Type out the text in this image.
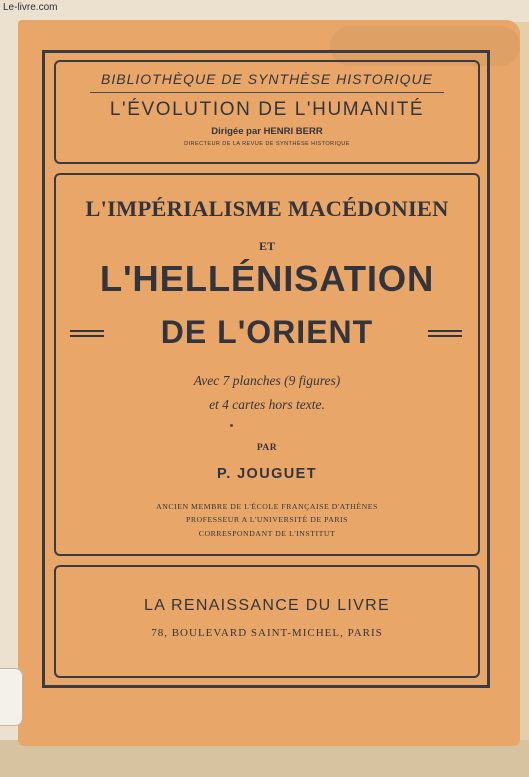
Le-livre.com
BIBLIOTHÈQUE DE SYNTHÈSE HISTORIQUE
L'ÉVOLUTION DE L'HUMANITÉ
Dirigée par HENRI BERR
DIRECTEUR DE LA REVUE DE SYNTHÈSE HISTORIQUE
L'IMPÉRIALISME MACÉDONIEN
ET
L'HELLÉNISATION
DE L'ORIENT
Avec 7 planches (9 figures)
et 4 cartes hors texte.
PAR
P. JOUGUET
ANCIEN MEMBRE DE L'ÉCOLE FRANÇAISE D'ATHÈNES
PROFESSEUR A L'UNIVERSITÉ DE PARIS
CORRESPONDANT DE L'INSTITUT
LA RENAISSANCE DU LIVRE
78, BOULEVARD SAINT-MICHEL, PARIS
